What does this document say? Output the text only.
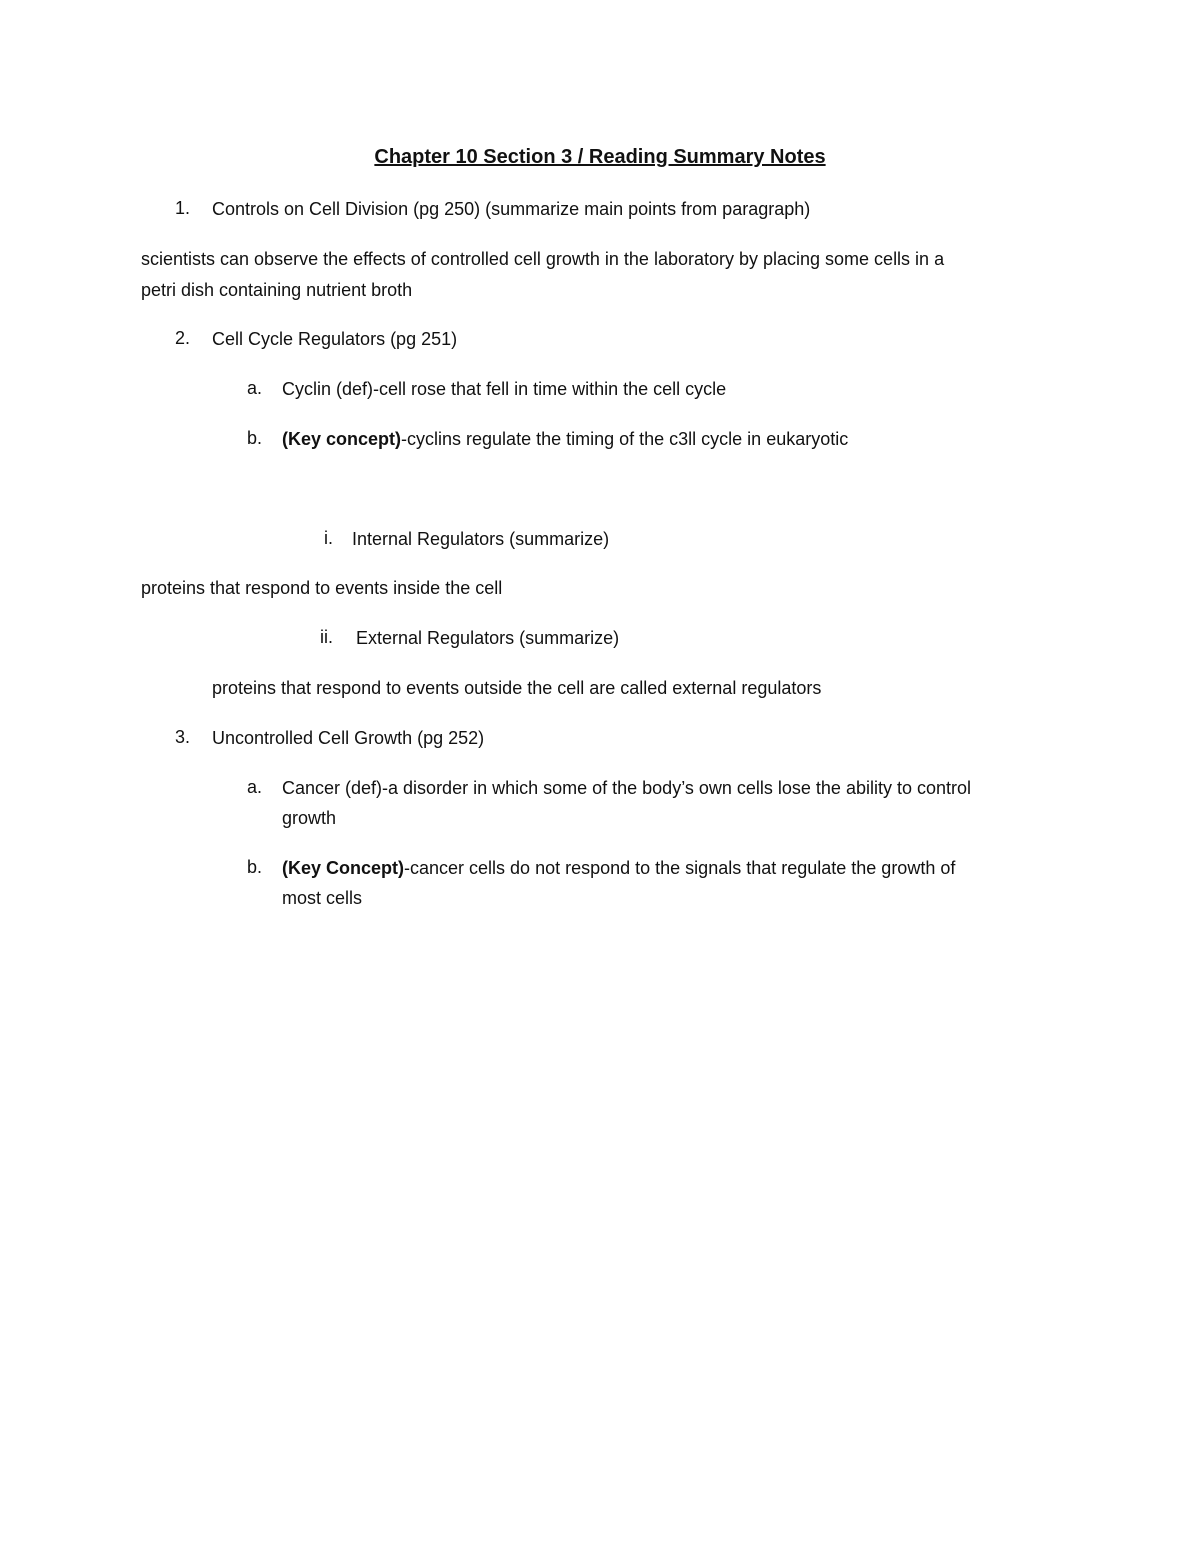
Chapter 10 Section 3 / Reading Summary Notes
1. Controls on Cell Division (pg 250) (summarize main points from paragraph)
scientists can observe the effects of controlled cell growth in the laboratory by placing some cells in a
petri dish containing nutrient broth
2. Cell Cycle Regulators (pg 251)
a. Cyclin (def)-cell rose that fell in time within the cell cycle
b. (Key concept)-cyclins regulate the timing of the c3ll cycle in eukaryotic
i. Internal Regulators (summarize)
proteins that respond to events inside the cell
ii. External Regulators (summarize)
proteins that respond to events outside the cell are called external regulators
3. Uncontrolled Cell Growth (pg 252)
a. Cancer (def)-a disorder in which some of the body’s own cells lose the ability to control
growth
b. (Key Concept)-cancer cells do not respond to the signals that regulate the growth of
most cells
